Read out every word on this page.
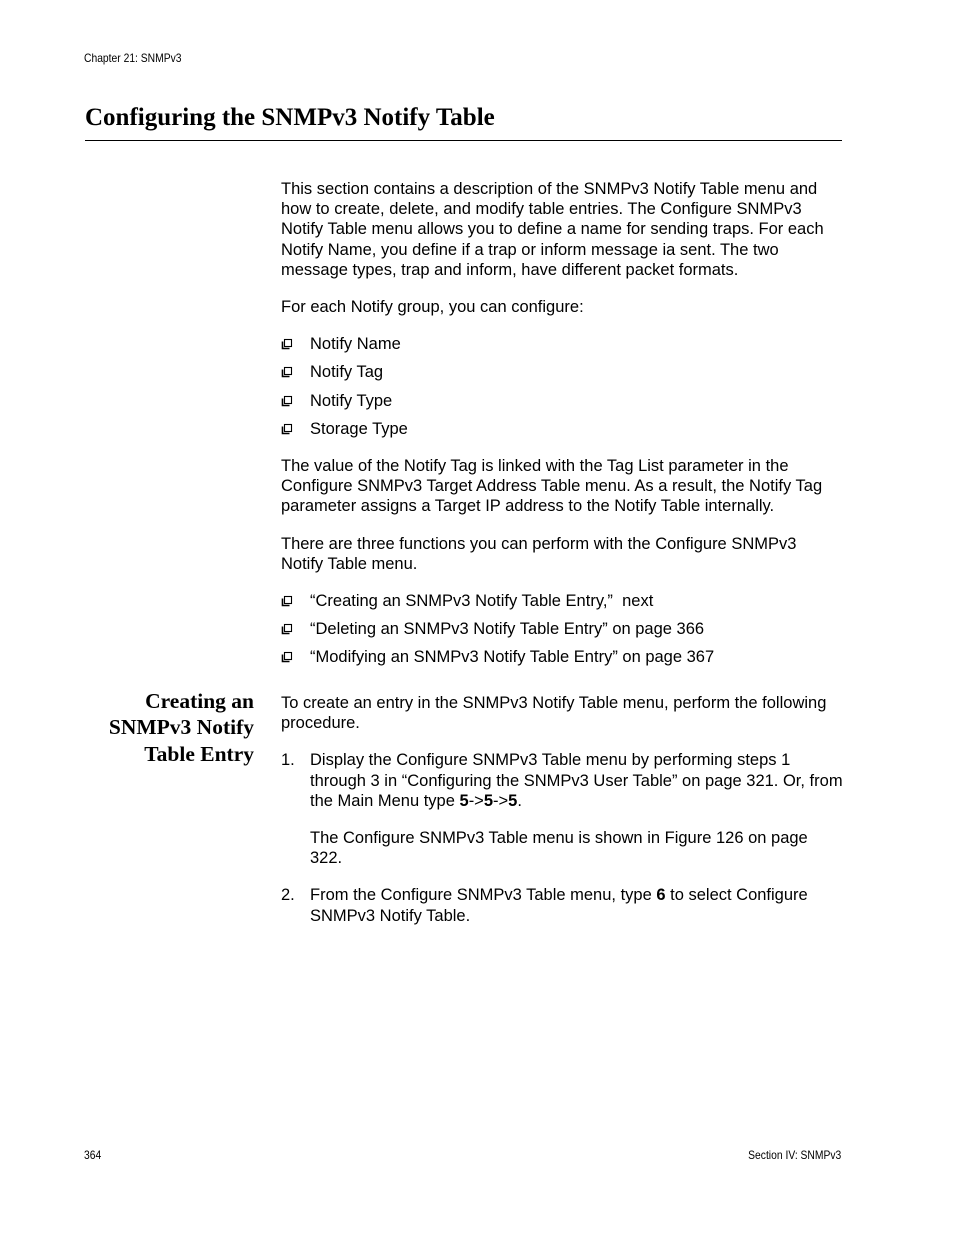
Chapter 21: SNMPv3
Configuring the SNMPv3 Notify Table

This section contains a description of the SNMPv3 Notify Table menu and how to create, delete, and modify table entries. The Configure SNMPv3 Notify Table menu allows you to define a name for sending traps. For each Notify Name, you define if a trap or inform message ia sent. The two message types, trap and inform, have different packet formats.

For each Notify group, you can configure:

Notify Name
Notify Tag
Notify Type
Storage Type

The value of the Notify Tag is linked with the Tag List parameter in the Configure SNMPv3 Target Address Table menu. As a result, the Notify Tag parameter assigns a Target IP address to the Notify Table internally.

There are three functions you can perform with the Configure SNMPv3 Notify Table menu.

“Creating an SNMPv3 Notify Table Entry,”  next
“Deleting an SNMPv3 Notify Table Entry” on page 366
“Modifying an SNMPv3 Notify Table Entry” on page 367
Creating an
SNMPv3 Notify
Table Entry

To create an entry in the SNMPv3 Notify Table menu, perform the following procedure.

1. Display the Configure SNMPv3 Table menu by performing steps 1 through 3 in “Configuring the SNMPv3 User Table” on page 321. Or, from the Main Menu type 5->5->5.

The Configure SNMPv3 Table menu is shown in Figure 126 on page 322.

2. From the Configure SNMPv3 Table menu, type 6 to select Configure SNMPv3 Notify Table.

364	Section IV: SNMPv3
